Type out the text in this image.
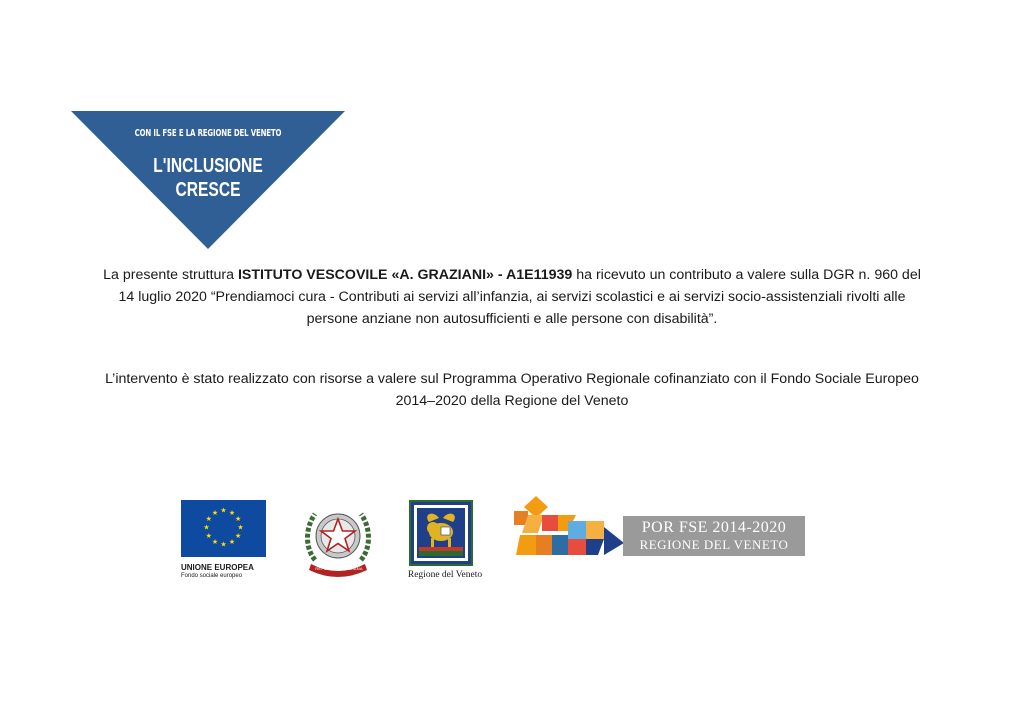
CON IL FSE E LA REGIONE DEL VENETO
L'INCLUSIONE
CRESCE

La presente struttura ISTITUTO VESCOVILE «A. GRAZIANI» - A1E11939 ha ricevuto un contributo a valere sulla DGR n. 960 del 14 luglio 2020 “Prendiamoci cura - Contributi ai servizi all’infanzia, ai servizi scolastici e ai servizi socio-assistenziali rivolti alle persone anziane non autosufficienti e alle persone con disabilità”.

L’intervento è stato realizzato con risorse a valere sul Programma Operativo Regionale cofinanziato con il Fondo Sociale Europeo 2014–2020 della Regione del Veneto

★ ★
★
★
★
★
★
★
★
★
★
★
UNIONE EUROPEA
Fondo sociale europeo
REPUBBLICA ITALIANA
Regione del Veneto
POR FSE 2014-2020
REGIONE DEL VENETO
